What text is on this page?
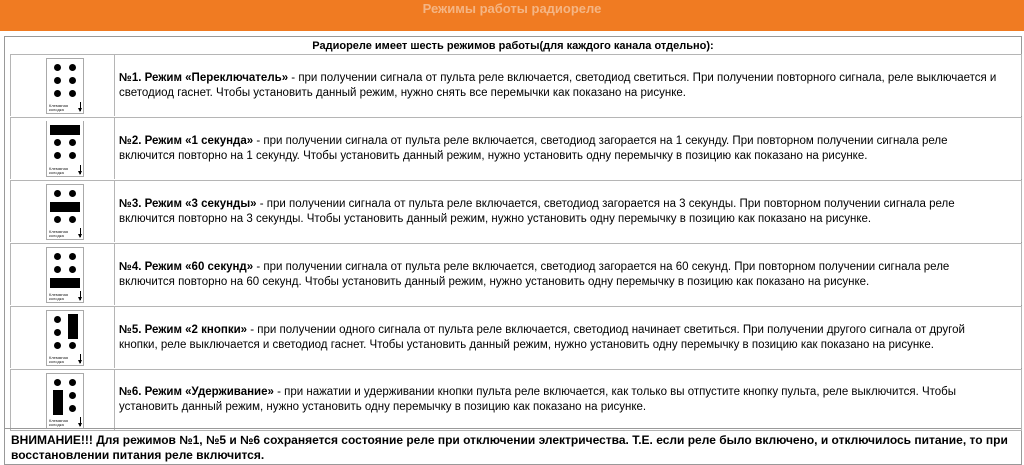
Режимы работы радиореле
Радиореле имеет шесть режимов работы(для каждого канала отдельно):
Клеммная
колодка
№1. Режим «Переключатель» - при получении сигнала от пульта реле включается, светодиод светиться. При получении повторного сигнала, реле выключается и светодиод гаснет. Чтобы установить данный режим, нужно снять все перемычки как показано на рисунке.
Клеммная
колодка
№2. Режим «1 секунда» - при получении сигнала от пульта реле включается, светодиод загорается на 1 секунду. При повторном получении сигнала реле включится повторно на 1 секунду. Чтобы установить данный режим, нужно установить одну перемычку в позицию как показано на рисунке.
Клеммная
колодка
№3. Режим «3 секунды» - при получении сигнала от пульта реле включается, светодиод загорается на 3 секунды. При повторном получении сигнала реле включится повторно на 3 секунды. Чтобы установить данный режим, нужно установить одну перемычку в позицию как показано на рисунке.
Клеммная
колодка
№4. Режим «60 секунд» - при получении сигнала от пульта реле включается, светодиод загорается на 60 секунд. При повторном получении сигнала реле включится повторно на 60 секунд. Чтобы установить данный режим, нужно установить одну перемычку в позицию как показано на рисунке.
Клеммная
колодка
№5. Режим «2 кнопки» - при получении одного сигнала от пульта реле включается, светодиод начинает светиться. При получении другого сигнала от другой кнопки, реле выключается и светодиод гаснет. Чтобы установить данный режим, нужно установить одну перемычку в позицию как показано на рисунке.
Клеммная
колодка
№6. Режим «Удерживание» - при нажатии и удерживании кнопки пульта реле включается, как только вы отпустите кнопку пульта, реле выключится. Чтобы установить данный режим, нужно установить одну перемычку в позицию как показано на рисунке.
ВНИМАНИЕ!!! Для режимов №1, №5 и №6 сохраняется состояние реле при отключении электричества. Т.Е. если реле было включено, и отключилось питание, то при восстановлении питания реле включится.
